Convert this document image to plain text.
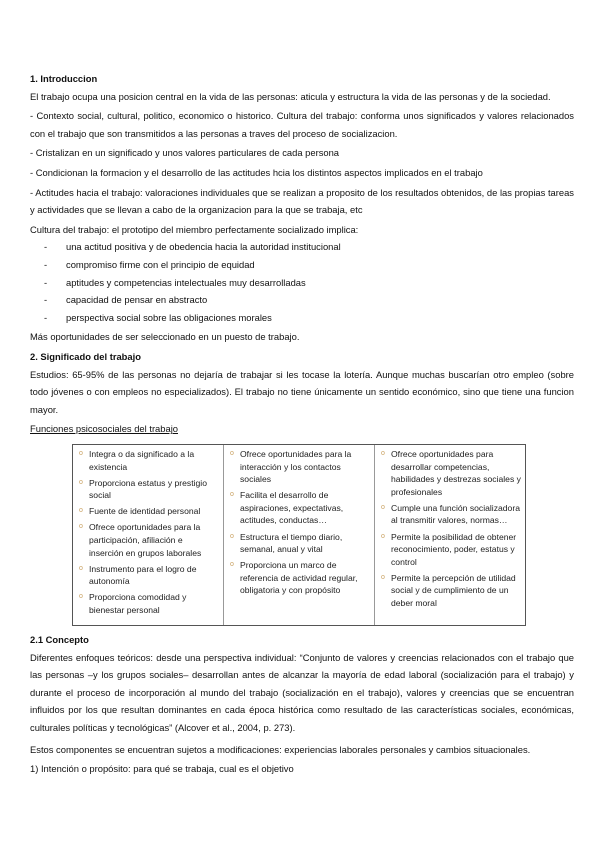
1. Introduccion

El trabajo ocupa una posicion central en la vida de las personas: aticula y estructura la vida de las personas y de la sociedad.

- Contexto social, cultural, politico, economico o historico. Cultura del trabajo: conforma unos significados y valores relacionados con el trabajo que son transmitidos a las personas a traves del proceso de socializacion.

- Cristalizan en un significado y unos valores particulares de cada persona

- Condicionan la formacion y el desarrollo de las actitudes hcia los distintos aspectos implicados en el trabajo

- Actitudes hacia el trabajo: valoraciones individuales que se realizan a proposito de los resultados obtenidos, de las propias tareas y actividades que se llevan a cabo de la organizacion para la que se trabaja, etc

Cultura del trabajo: el prototipo del miembro perfectamente socializado implica:

- una actitud positiva y de obedencia hacia la autoridad institucional
- compromiso firme con el principio de equidad
- aptitudes y competencias intelectuales muy desarrolladas
- capacidad de pensar en abstracto
- perspectiva social sobre las obligaciones morales

Más oportunidades de ser seleccionado en un puesto de trabajo.

2. Significado del trabajo

Estudios: 65-95% de las personas no dejaría de trabajar si les tocase la lotería. Aunque muchas buscarían otro empleo (sobre todo jóvenes o con empleos no especializados). El trabajo no tiene únicamente un sentido económico, sino que tiene una funcion mayor.

Funciones psicosociales del trabajo

o Integra o da significado a la existencia
o Proporciona estatus y prestigio social
o Fuente de identidad personal
o Ofrece oportunidades para la participación, afiliación e inserción en grupos laborales
o Instrumento para el logro de autonomía
o Proporciona comodidad y bienestar personal
o Ofrece oportunidades para la interacción y los contactos sociales
o Facilita el desarrollo de aspiraciones, expectativas, actitudes, conductas…
o Estructura el tiempo diario, semanal, anual y vital
o Proporciona un marco de referencia de actividad regular, obligatoria y con propósito
o Ofrece oportunidades para desarrollar competencias, habilidades y destrezas sociales y profesionales
o Cumple una función socializadora al transmitir valores, normas…
o Permite la posibilidad de obtener reconocimiento, poder, estatus y control
o Permite la percepción de utilidad social y de cumplimiento de un deber moral

2.1 Concepto

Diferentes enfoques teóricos: desde una perspectiva individual: “Conjunto de valores y creencias relacionados con el trabajo que las personas –y los grupos sociales– desarrollan antes de alcanzar la mayoría de edad laboral (socialización para el trabajo) y durante el proceso de incorporación al mundo del trabajo (socialización en el trabajo), valores y creencias que se encuentran influidos por los que resultan dominantes en cada época histórica como resultado de las características sociales, económicas, culturales políticas y tecnológicas” (Alcover et al., 2004, p. 273).

Estos componentes se encuentran sujetos a modificaciones: experiencias laborales personales y cambios situacionales.

1) Intención o propósito: para qué se trabaja, cual es el objetivo
